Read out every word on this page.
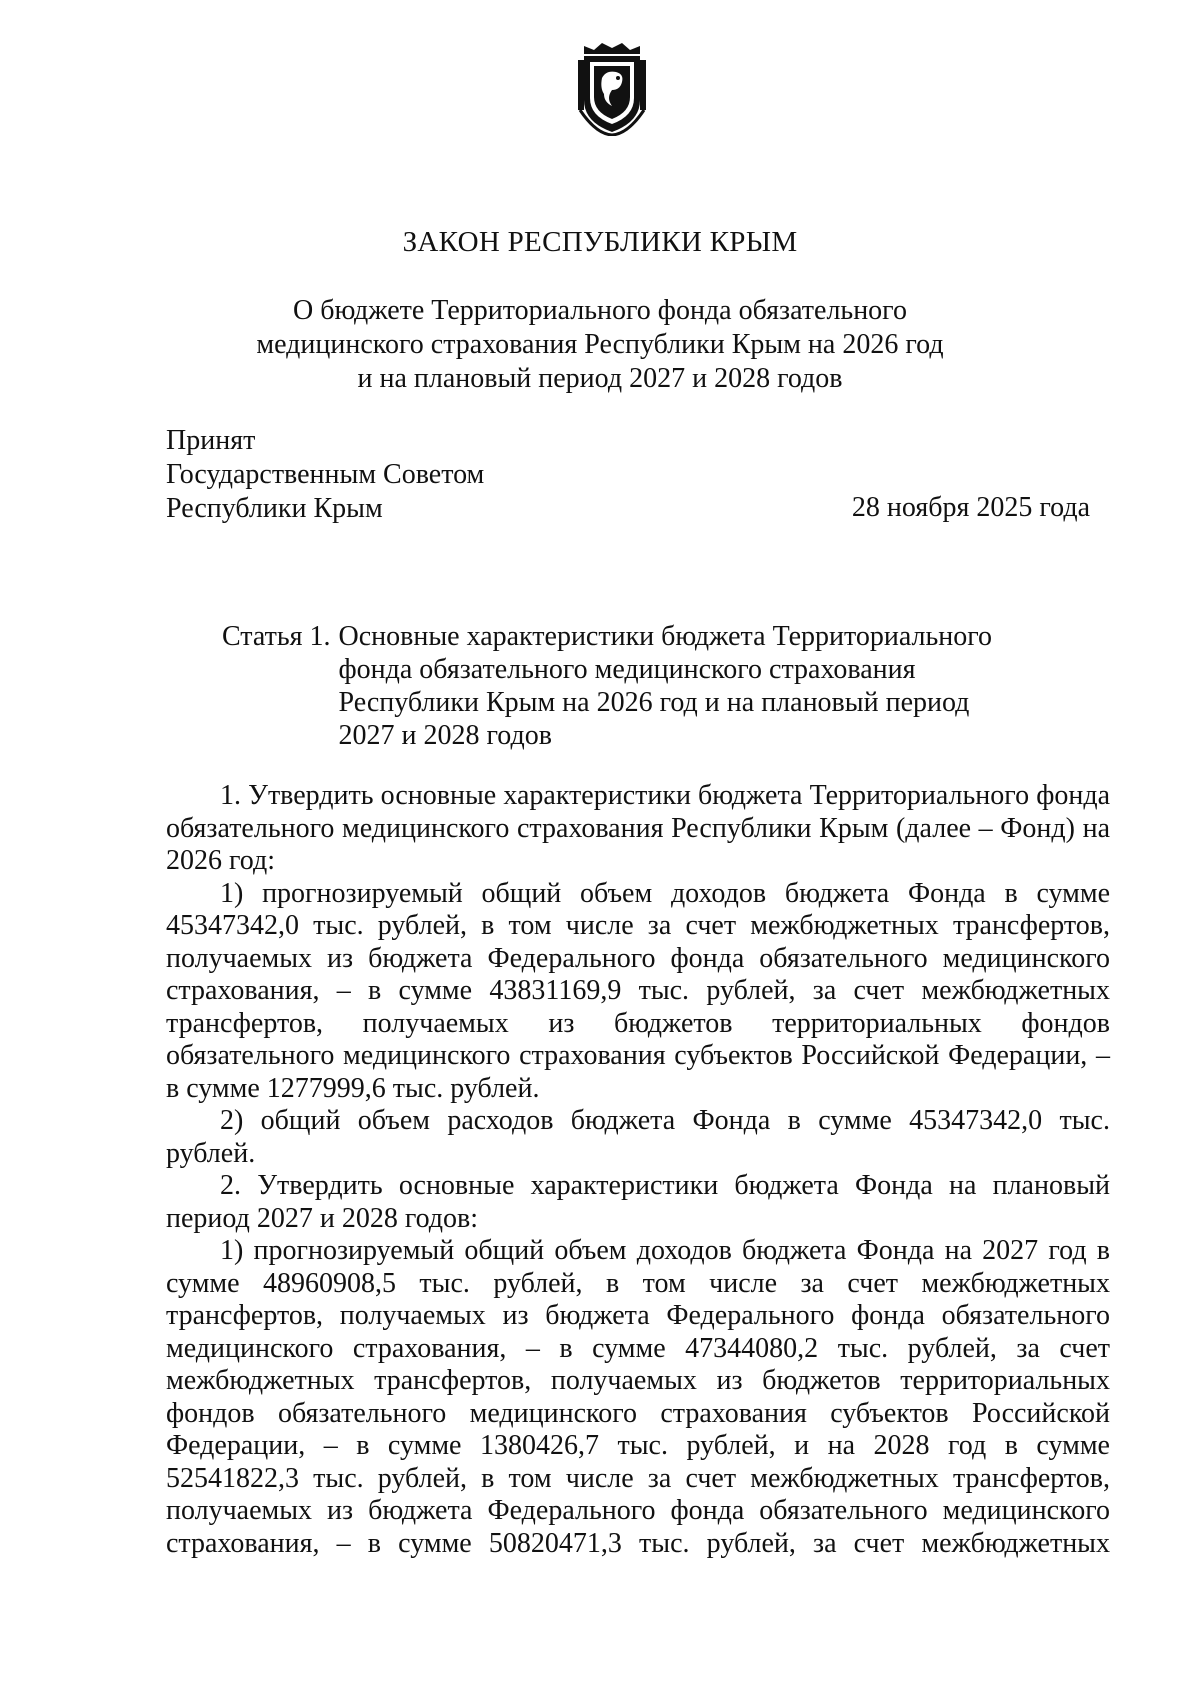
ЗАКОН РЕСПУБЛИКИ КРЫМ
О бюджете Территориального фонда обязательного
медицинского страхования Республики Крым на 2026 год
и на плановый период 2027 и 2028 годов
Принят
Государственным Советом
Республики Крым	28 ноября 2025 года
Статья 1. Основные характеристики бюджета Территориального фонда обязательного медицинского страхования Республики Крым на 2026 год и на плановый период 2027 и 2028 годов

1. Утвердить основные характеристики бюджета Территориального фонда обязательного медицинского страхования Республики Крым (далее – Фонд) на 2026 год:

1) прогнозируемый общий объем доходов бюджета Фонда в сумме 45347342,0 тыс. рублей, в том числе за счет межбюджетных трансфертов, получаемых из бюджета Федерального фонда обязательного медицинского страхования, – в сумме 43831169,9 тыс. рублей, за счет межбюджетных трансфертов, получаемых из бюджетов территориальных фондов обязательного медицинского страхования субъектов Российской Федерации, – в сумме 1277999,6 тыс. рублей.

2) общий объем расходов бюджета Фонда в сумме 45347342,0 тыс. рублей.

2. Утвердить основные характеристики бюджета Фонда на плановый период 2027 и 2028 годов:

1) прогнозируемый общий объем доходов бюджета Фонда на 2027 год в сумме 48960908,5 тыс. рублей, в том числе за счет межбюджетных трансфертов, получаемых из бюджета Федерального фонда обязательного медицинского страхования, – в сумме 47344080,2 тыс. рублей, за счет межбюджетных трансфертов, получаемых из бюджетов территориальных фондов обязательного медицинского страхования субъектов Российской Федерации, – в сумме 1380426,7 тыс. рублей, и на 2028 год в сумме 52541822,3 тыс. рублей, в том числе за счет межбюджетных трансфертов, получаемых из бюджета Федерального фонда обязательного медицинского страхования, – в сумме 50820471,3 тыс. рублей, за счет межбюджетных
